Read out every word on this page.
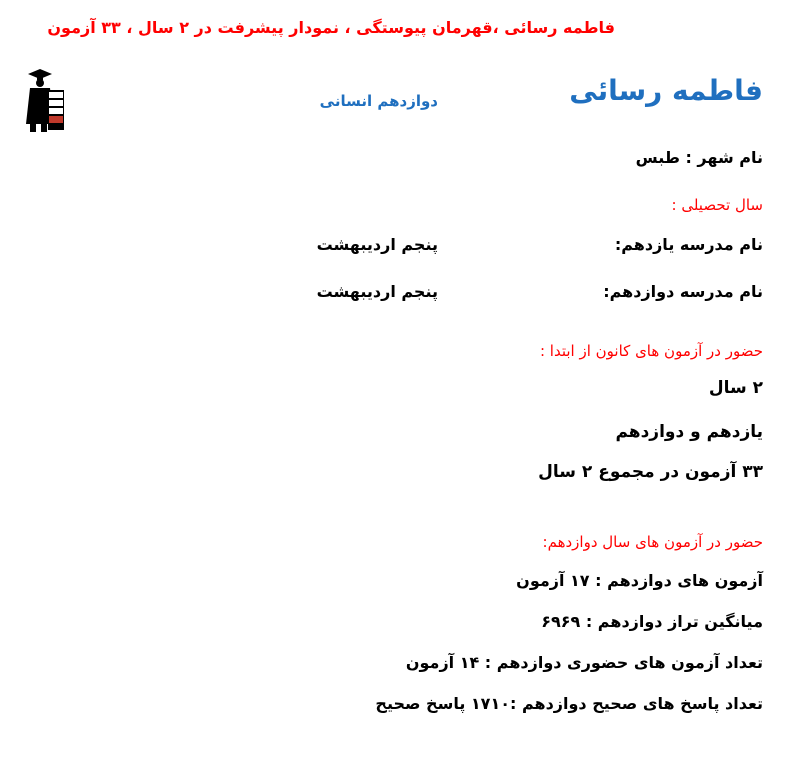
فاطمه رسائی ،قهرمان پیوستگی ، نمودار پیشرفت در ۲ سال ، ۳۳ آزمون
فاطمه رسائی
دوازدهم انسانی
نام شهر : طبس
سال تحصیلی :
نام مدرسه یازدهم:
پنجم اردیبهشت
نام مدرسه دوازدهم:
پنجم اردیبهشت
حضور در آزمون های کانون از ابتدا :
۲ سال
یازدهم و دوازدهم
۳۳ آزمون در مجموع ۲ سال
حضور در آزمون های سال دوازدهم:
آزمون های دوازدهم : ۱۷ آزمون
میانگین تراز دوازدهم : ۶۹۶۹
تعداد آزمون های حضوری دوازدهم : ۱۴ آزمون
تعداد پاسخ های صحیح دوازدهم :۱۷۱۰ پاسخ صحیح
